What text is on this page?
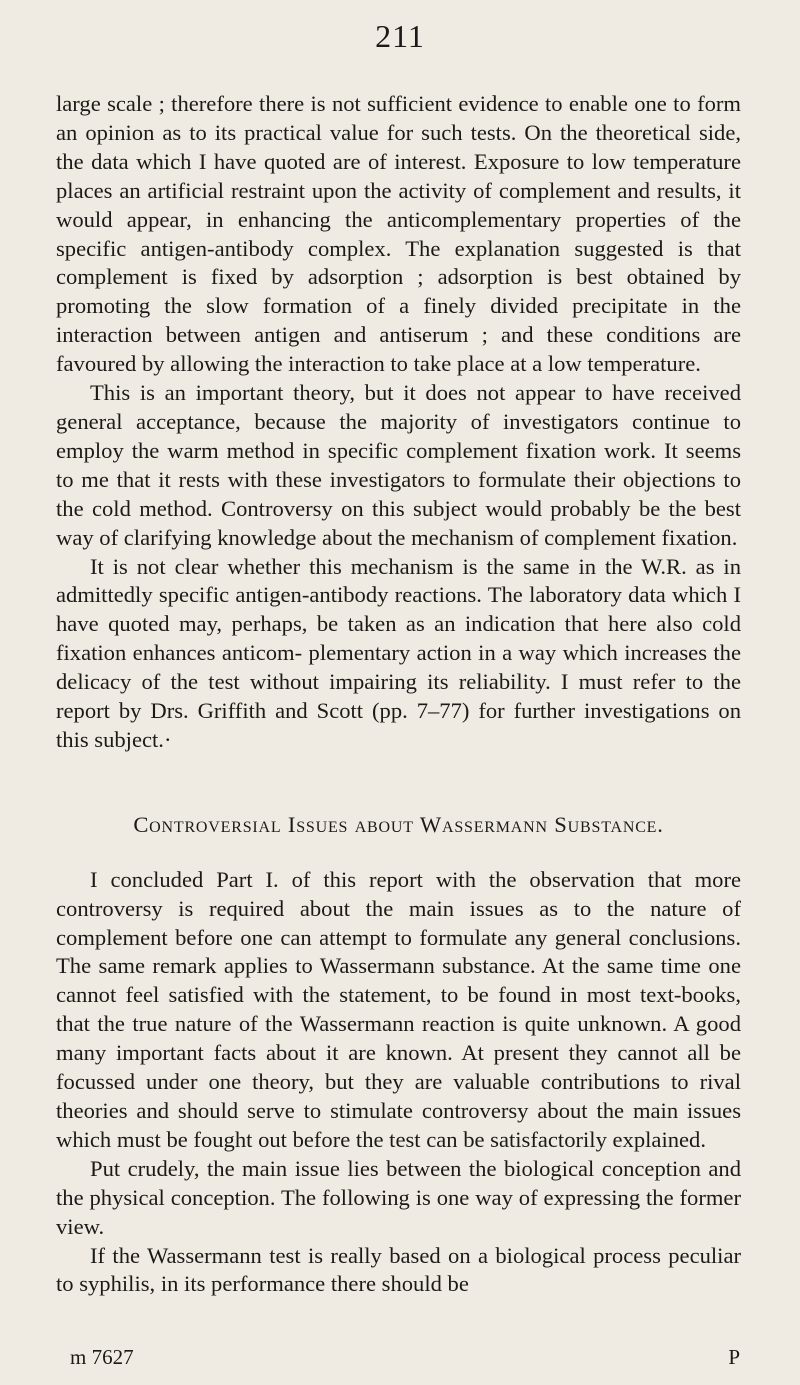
211

large scale ; therefore there is not sufficient evidence to enable one to form an opinion as to its practical value for such tests. On the theoretical side, the data which I have quoted are of interest. Exposure to low temperature places an artificial restraint upon the activity of complement and results, it would appear, in enhancing the anticomplementary properties of the specific antigen-antibody complex. The explanation suggested is that complement is fixed by adsorption ; adsorption is best obtained by promoting the slow formation of a finely divided precipitate in the interaction between antigen and antiserum ; and these conditions are favoured by allowing the interaction to take place at a low temperature.

This is an important theory, but it does not appear to have received general acceptance, because the majority of investigators continue to employ the warm method in specific complement fixation work. It seems to me that it rests with these investigators to formulate their objections to the cold method. Controversy on this subject would probably be the best way of clarifying knowledge about the mechanism of complement fixation.

It is not clear whether this mechanism is the same in the W.R. as in admittedly specific antigen-antibody reactions. The laboratory data which I have quoted may, perhaps, be taken as an indication that here also cold fixation enhances anticom- plementary action in a way which increases the delicacy of the test without impairing its reliability. I must refer to the report by Drs. Griffith and Scott (pp. 7–77) for further investigations on this subject.·

Controversial Issues about Wassermann Substance.

I concluded Part I. of this report with the observation that more controversy is required about the main issues as to the nature of complement before one can attempt to formulate any general conclusions. The same remark applies to Wassermann substance. At the same time one cannot feel satisfied with the statement, to be found in most text-books, that the true nature of the Wassermann reaction is quite unknown. A good many important facts about it are known. At present they cannot all be focussed under one theory, but they are valuable contributions to rival theories and should serve to stimulate controversy about the main issues which must be fought out before the test can be satisfactorily explained.

Put crudely, the main issue lies between the biological conception and the physical conception. The following is one way of expressing the former view.

If the Wassermann test is really based on a biological process peculiar to syphilis, in its performance there should be

m 7627	P
